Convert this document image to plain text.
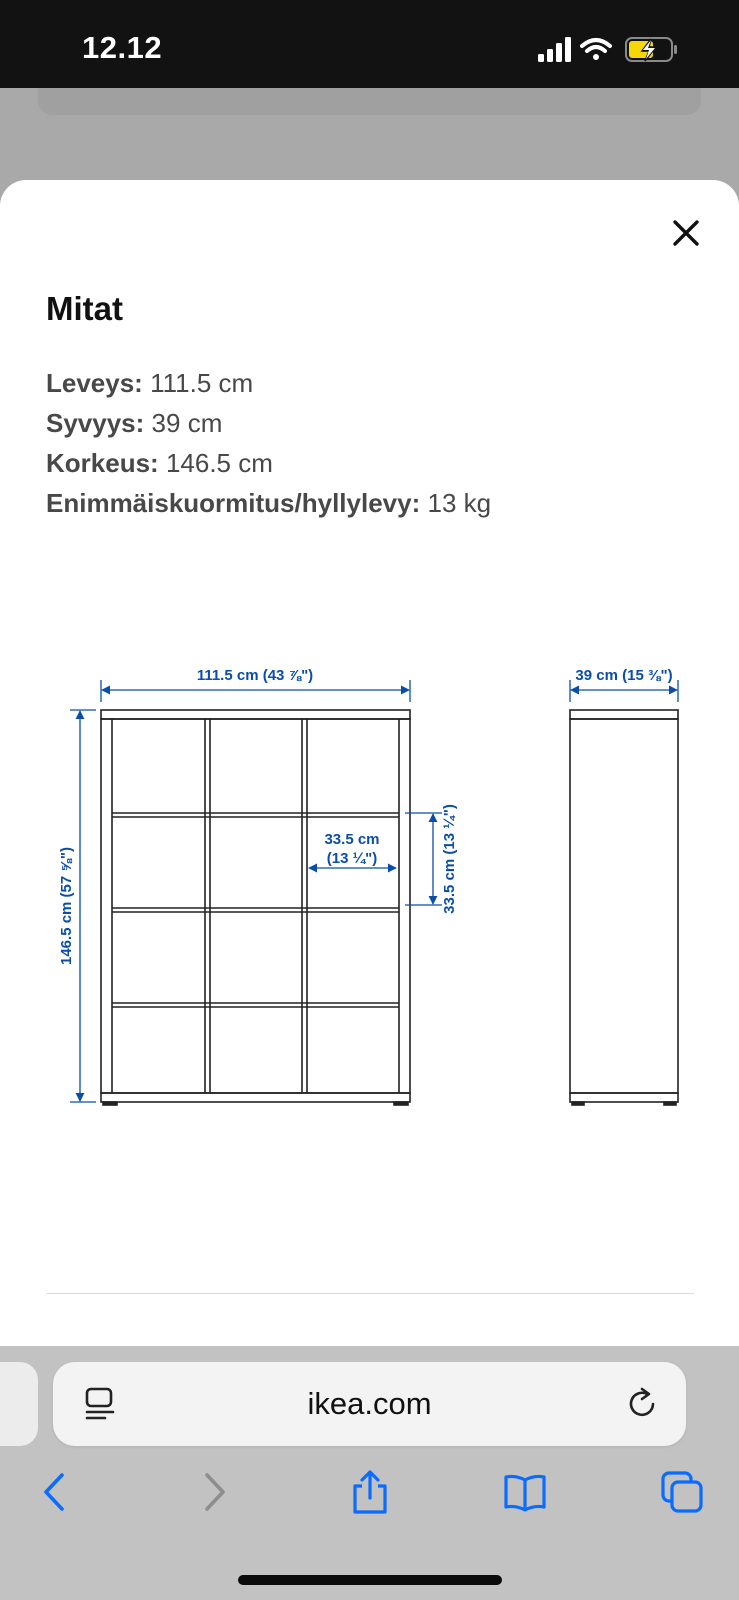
12.12
Mitat
Leveys: 111.5 cm
Syvyys: 39 cm
Korkeus: 146.5 cm
Enimmäiskuormitus/hyllylevy: 13 kg
111.5 cm (43 ⅞")	39 cm (15 ⅜")
33.5 cm
(13 ¼")
146.5 cm (57 ⅝")	33.5 cm (13 ¼")
ikea.com
